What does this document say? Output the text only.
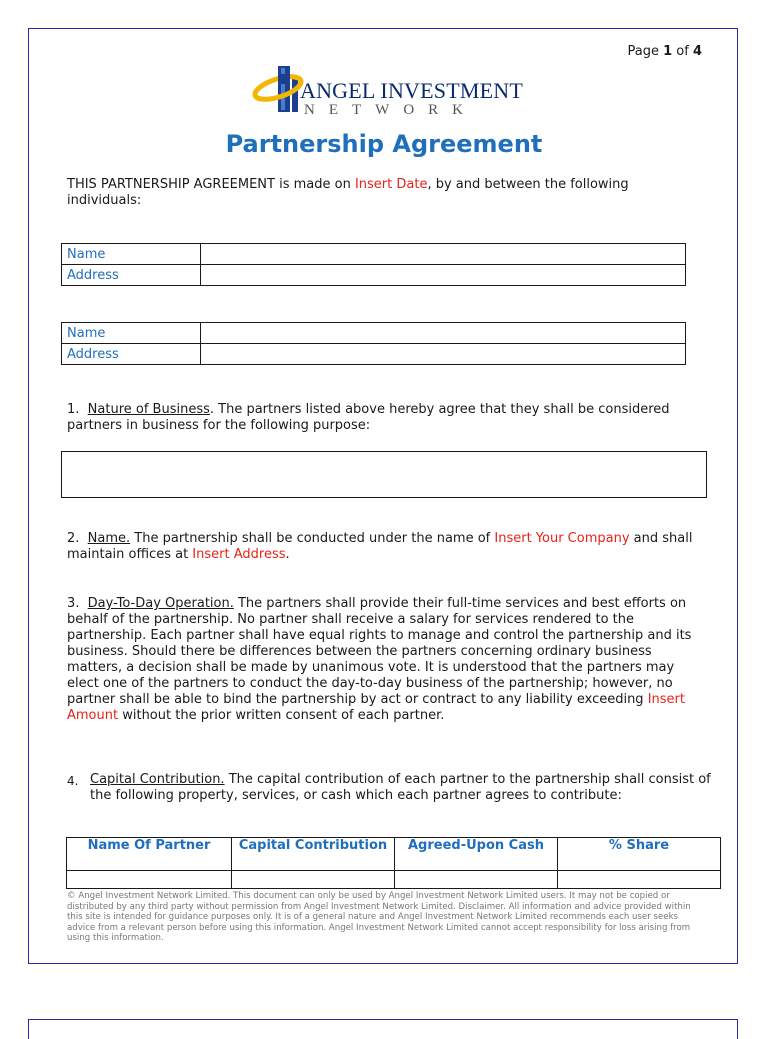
Page 1 of 4
ANGEL INVESTMENT
NETWORK
Partnership Agreement
THIS PARTNERSHIP AGREEMENT is made on Insert Date, by and between the following individuals:
Name	
Address	
Name	
Address	
1. Nature of Business. The partners listed above hereby agree that they shall be considered partners in business for the following purpose:
2. Name. The partnership shall be conducted under the name of Insert Your Company and shall maintain offices at Insert Address.
3. Day-To-Day Operation. The partners shall provide their full-time services and best efforts on behalf of the partnership. No partner shall receive a salary for services rendered to the partnership. Each partner shall have equal rights to manage and control the partnership and its business. Should there be differences between the partners concerning ordinary business matters, a decision shall be made by unanimous vote. It is understood that the partners may elect one of the partners to conduct the day-to-day business of the partnership; however, no partner shall be able to bind the partnership by act or contract to any liability exceeding Insert Amount without the prior written consent of each partner.
4. Capital Contribution. The capital contribution of each partner to the partnership shall consist of the following property, services, or cash which each partner agrees to contribute:
Name Of Partner	Capital Contribution	Agreed-Upon Cash	% Share

© Angel Investment Network Limited. This document can only be used by Angel Investment Network Limited users. It may not be copied or distributed by any third party without permission from Angel Investment Network Limited. Disclaimer. All information and advice provided within this site is intended for guidance purposes only. It is of a general nature and Angel Investment Network Limited recommends each user seeks advice from a relevant person before using this information. Angel Investment Network Limited cannot accept responsibility for loss arising from using this information.
